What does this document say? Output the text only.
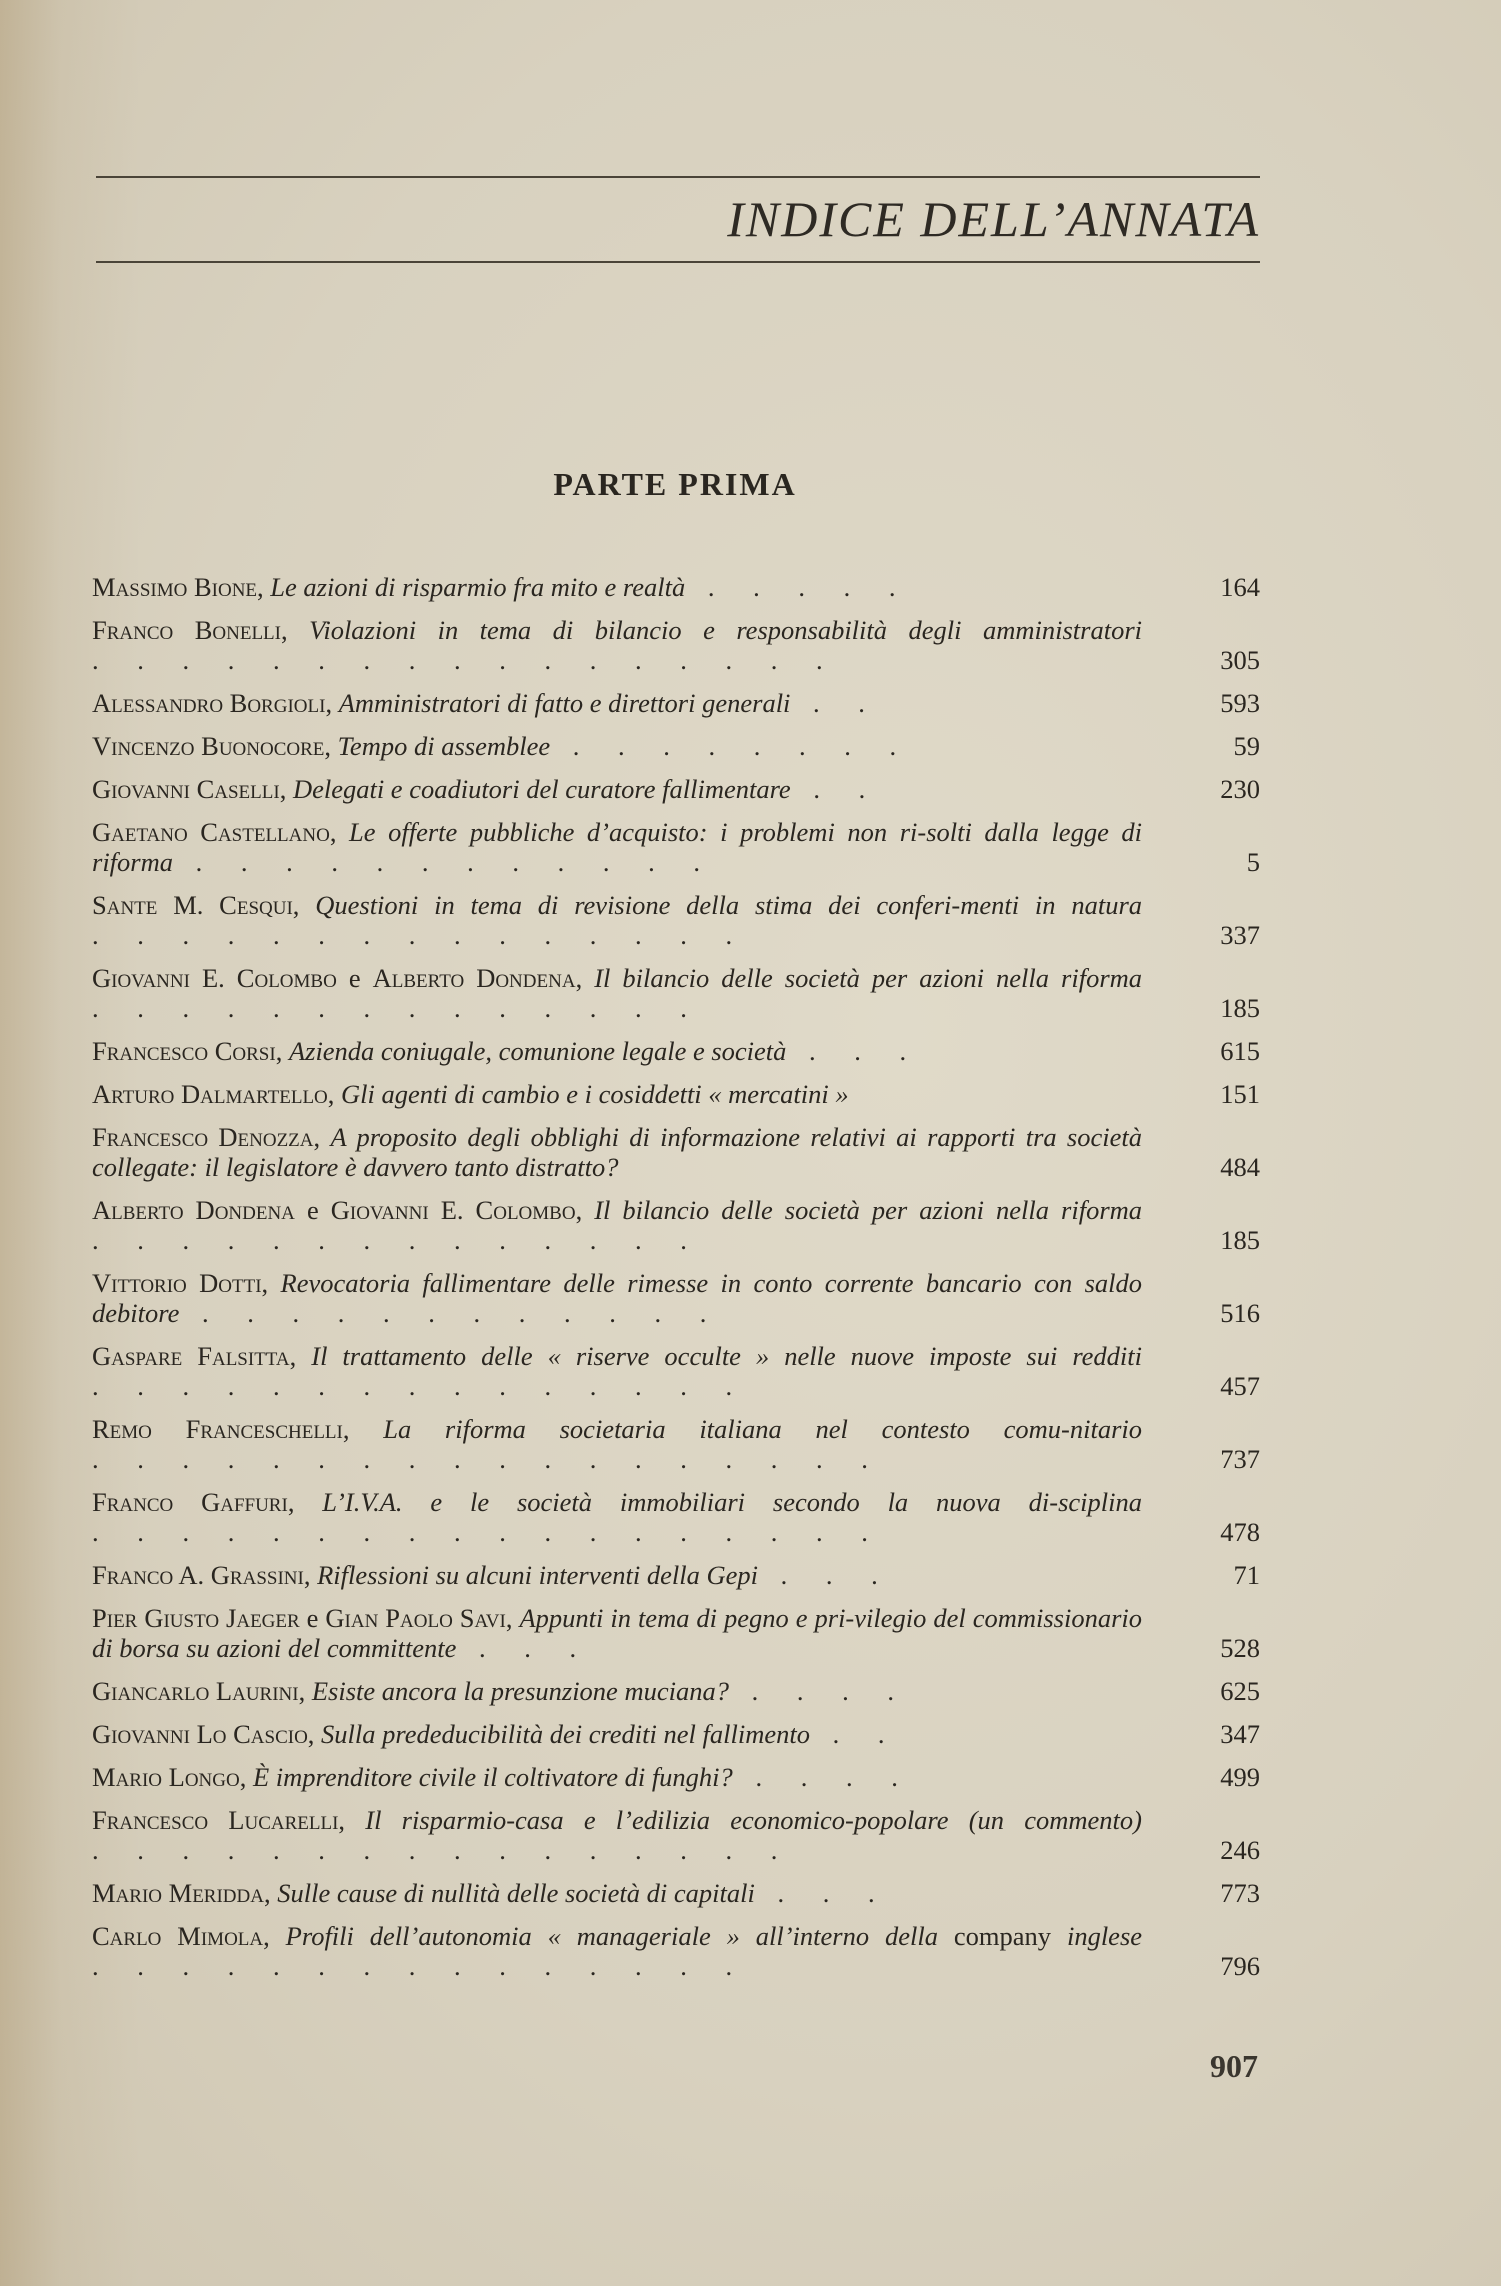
INDICE DELL’ANNATA
PARTE PRIMA
Massimo Bione, Le azioni di risparmio fra mito e realtà . . . . .	164
Franco Bonelli, Violazioni in tema di bilancio e responsabilità degli amministratori . . . . . . . . . . . . . . . . .	305
Alessandro Borgioli, Amministratori di fatto e direttori generali . .	593
Vincenzo Buonocore, Tempo di assemblee . . . . . . . .	59
Giovanni Caselli, Delegati e coadiutori del curatore fallimentare . .	230
Gaetano Castellano, Le offerte pubbliche d’acquisto: i problemi non ri-solti dalla legge di riforma . . . . . . . . . . . .	5
Sante M. Cesqui, Questioni in tema di revisione della stima dei conferi-menti in natura . . . . . . . . . . . . . . .	337
Giovanni E. Colombo e Alberto Dondena, Il bilancio delle società per azioni nella riforma . . . . . . . . . . . . . .	185
Francesco Corsi, Azienda coniugale, comunione legale e società . . .	615
Arturo Dalmartello, Gli agenti di cambio e i cosiddetti « mercatini »	151
Francesco Denozza, A proposito degli obblighi di informazione relativi ai rapporti tra società collegate: il legislatore è davvero tanto distratto?	484
Alberto Dondena e Giovanni E. Colombo, Il bilancio delle società per azioni nella riforma . . . . . . . . . . . . . .	185
Vittorio Dotti, Revocatoria fallimentare delle rimesse in conto corrente bancario con saldo debitore . . . . . . . . . . . .	516
Gaspare Falsitta, Il trattamento delle « riserve occulte » nelle nuove imposte sui redditi . . . . . . . . . . . . . . .	457
Remo Franceschelli, La riforma societaria italiana nel contesto comu-nitario . . . . . . . . . . . . . . . . . .	737
Franco Gaffuri, L’I.V.A. e le società immobiliari secondo la nuova di-sciplina . . . . . . . . . . . . . . . . . .	478
Franco A. Grassini, Riflessioni su alcuni interventi della Gepi . . .	71
Pier Giusto Jaeger e Gian Paolo Savi, Appunti in tema di pegno e pri-vilegio del commissionario di borsa su azioni del committente . . .	528
Giancarlo Laurini, Esiste ancora la presunzione muciana? . . . .	625
Giovanni Lo Cascio, Sulla prededucibilità dei crediti nel fallimento . .	347
Mario Longo, È imprenditore civile il coltivatore di funghi? . . . .	499
Francesco Lucarelli, Il risparmio-casa e l’edilizia economico-popolare (un commento) . . . . . . . . . . . . . . . .	246
Mario Meridda, Sulle cause di nullità delle società di capitali . . .	773
Carlo Mimola, Profili dell’autonomia « manageriale » all’interno della company inglese . . . . . . . . . . . . . . .	796
907
